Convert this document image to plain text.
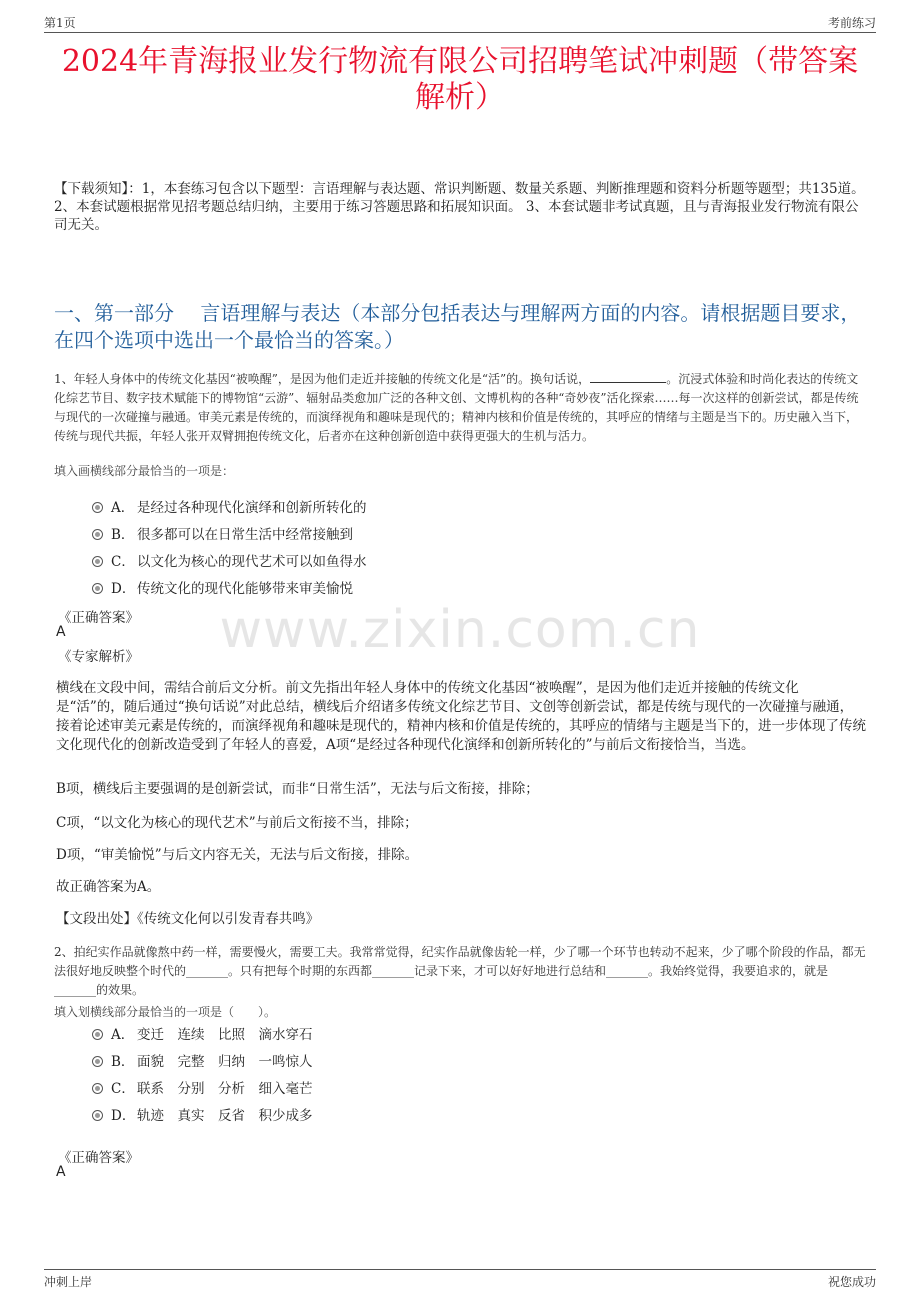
第1页	考前练习
2024年青海报业发行物流有限公司招聘笔试冲刺题（带答案解析）
【下载须知】：1，本套练习包含以下题型：言语理解与表达题、常识判断题、数量关系题、判断推理题和资料分析题等题型；共135道。 2、本套试题根据常见招考题总结归纳，主要用于练习答题思路和拓展知识面。 3、本套试题非考试真题，且与青海报业发行物流有限公司无关。
一、第一部分　 言语理解与表达（本部分包括表达与理解两方面的内容。请根据题目要求，在四个选项中选出一个最恰当的答案。）
1、年轻人身体中的传统文化基因“被唤醒”，是因为他们走近并接触的传统文化是“活”的。换句话说，	。沉浸式体验和时尚化表达的传统文化综艺节目、数字技术赋能下的博物馆“云游”、辐射品类愈加广泛的各种文创、文博机构的各种“奇妙夜”活化探索……每一次这样的创新尝试，都是传统与现代的一次碰撞与融通。审美元素是传统的，而演绎视角和趣味是现代的；精神内核和价值是传统的，其呼应的情绪与主题是当下的。历史融入当下，传统与现代共振，年轻人张开双臂拥抱传统文化，后者亦在这种创新创造中获得更强大的生机与活力。
填入画横线部分最恰当的一项是：
A． 是经过各种现代化演绎和创新所转化的
B． 很多都可以在日常生活中经常接触到
C． 以文化为核心的现代艺术可以如鱼得水
D． 传统文化的现代化能够带来审美愉悦
《正确答案》
A
《专家解析》	www.zixin.com.cn
横线在文段中间，需结合前后文分析。前文先指出年轻人身体中的传统文化基因“被唤醒”，是因为他们走近并接触的传统文化是“活”的，随后通过“换句话说”对此总结，横线后介绍诸多传统文化综艺节目、文创等创新尝试，都是传统与现代的一次碰撞与融通，接着论述审美元素是传统的，而演绎视角和趣味是现代的，精神内核和价值是传统的，其呼应的情绪与主题是当下的，进一步体现了传统文化现代化的创新改造受到了年轻人的喜爱，A项“是经过各种现代化演绎和创新所转化的”与前后文衔接恰当，当选。
B项，横线后主要强调的是创新尝试，而非“日常生活”，无法与后文衔接，排除；
C项，“以文化为核心的现代艺术”与前后文衔接不当，排除；
D项，“审美愉悦”与后文内容无关，无法与后文衔接，排除。
故正确答案为A。
【文段出处】《传统文化何以引发青春共鸣》
2、拍纪实作品就像熬中药一样，需要慢火，需要工夫。我常常觉得，纪实作品就像齿轮一样，少了哪一个环节也转动不起来，少了哪个阶段的作品，都无法很好地反映整个时代的_______。只有把每个时期的东西都_______记录下来，才可以好好地进行总结和_______。我始终觉得，我要追求的，就是_______的效果。
填入划横线部分最恰当的一项是（　　）。
A． 变迁　连续　比照　滴水穿石
B． 面貌　完整　归纳　一鸣惊人
C． 联系　分别　分析　细入毫芒
D． 轨迹　真实　反省　积少成多
《正确答案》
A
冲刺上岸	祝您成功
